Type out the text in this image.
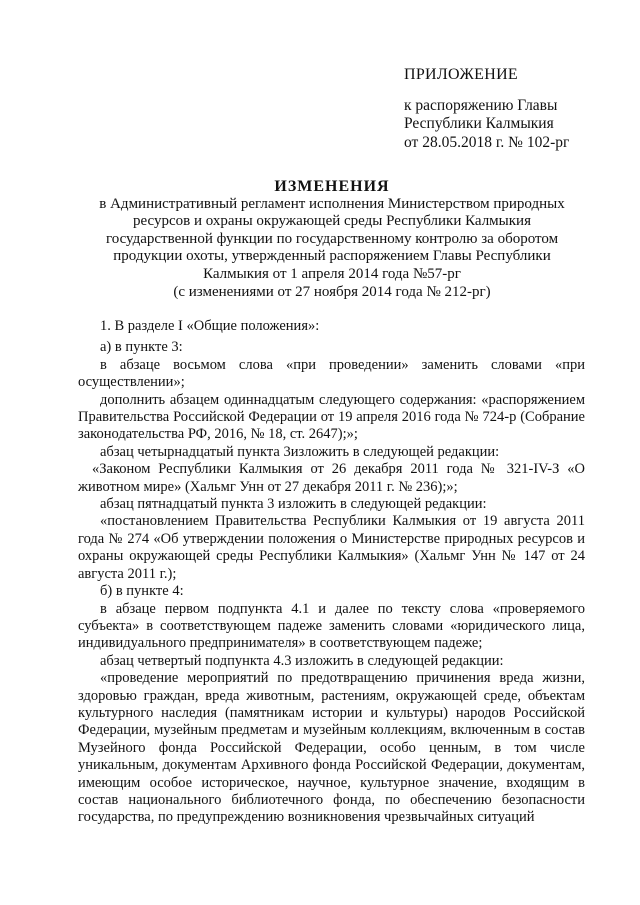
ПРИЛОЖЕНИЕ
к распоряжению Главы
Республики Калмыкия
от 28.05.2018 г. № 102-рг
ИЗМЕНЕНИЯ
в Административный регламент исполнения Министерством природных
ресурсов и охраны окружающей среды Республики Калмыкия
государственной функции по государственному контролю за оборотом
продукции охоты, утвержденный распоряжением Главы Республики
Калмыкия от 1 апреля 2014 года №57-рг
(с изменениями от 27 ноября 2014 года № 212-рг)

1. В разделе I «Общие положения»:

а) в пункте 3:

в абзаце восьмом слова «при проведении» заменить словами «при осуществлении»;

дополнить абзацем одиннадцатым следующего содержания: «распоряжением Правительства Российской Федерации от 19 апреля 2016 года № 724-р (Собрание законодательства РФ, 2016, № 18, ст. 2647);»;

абзац четырнадцатый пункта 3изложить в следующей редакции:

«Законом Республики Калмыкия от 26 декабря 2011 года № 321-IV-З «О животном мире» (Хальмг Унн от 27 декабря 2011 г. № 236);»;

абзац пятнадцатый пункта 3 изложить в следующей редакции:

«постановлением Правительства Республики Калмыкия от 19 августа 2011 года № 274 «Об утверждении положения о Министерстве природных ресурсов и охраны окружающей среды Республики Калмыкия» (Хальмг Унн № 147 от 24 августа 2011 г.);

б) в пункте 4:

в абзаце первом подпункта 4.1 и далее по тексту слова «проверяемого субъекта» в соответствующем падеже заменить словами «юридического лица, индивидуального предпринимателя» в соответствующем падеже;

абзац четвертый подпункта 4.3 изложить в следующей редакции:

«проведение мероприятий по предотвращению причинения вреда жизни, здоровью граждан, вреда животным, растениям, окружающей среде, объектам культурного наследия (памятникам истории и культуры) народов Российской Федерации, музейным предметам и музейным коллекциям, включенным в состав Музейного фонда Российской Федерации, особо ценным, в том числе уникальным, документам Архивного фонда Российской Федерации, документам, имеющим особое историческое, научное, культурное значение, входящим в состав национального библиотечного фонда, по обеспечению безопасности государства, по предупреждению возникновения чрезвычайных ситуаций
